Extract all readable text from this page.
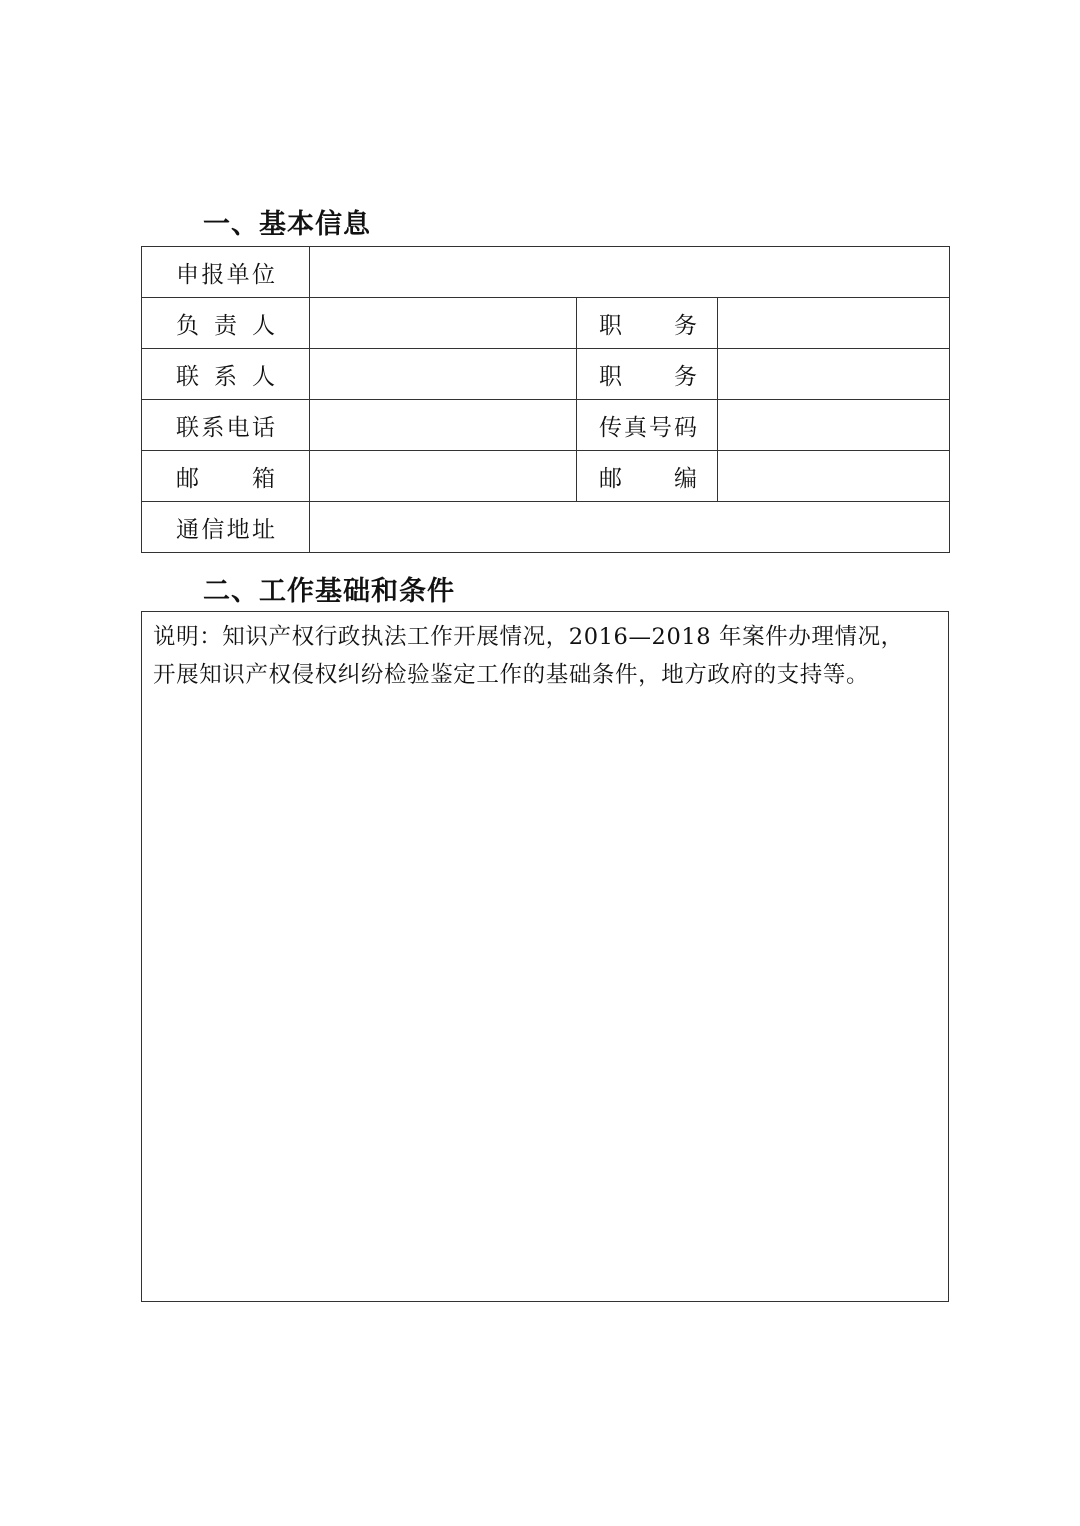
一、基本信息
申 报 单 位			

负 责 人		职 务	

联 系 人		职 务	

联 系 电 话		传 真 号 码	

邮 箱		邮 编	

通 信 地 址			

二、工作基础和条件

说明：知识产权行政执法工作开展情况，2016—2018 年案件办理情况，

开展知识产权侵权纠纷检验鉴定工作的基础条件，地方政府的支持等。
